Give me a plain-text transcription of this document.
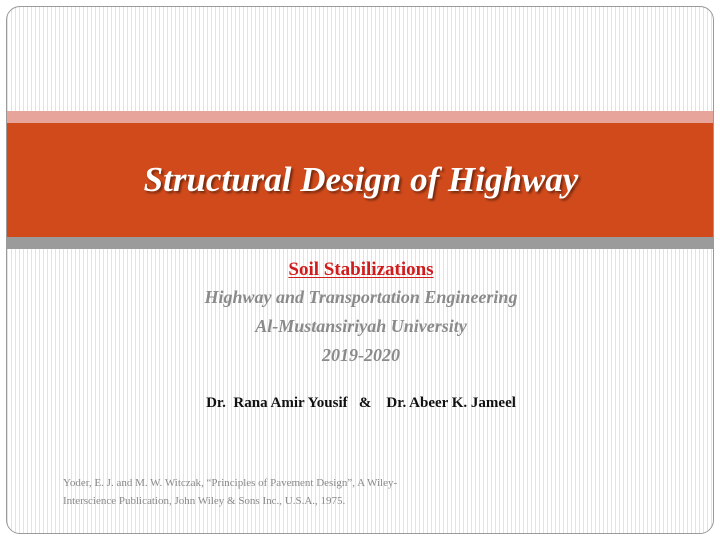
Structural Design of Highway
Soil Stabilizations
Highway and Transportation Engineering
Al-Mustansiriyah University
2019-2020
Dr.  Rana Amir Yousif   &    Dr. Abeer K. Jameel
Yoder, E. J. and M. W. Witczak, “Principles of Pavement Design”, A Wiley-
Interscience Publication, John Wiley & Sons Inc., U.S.A., 1975.
